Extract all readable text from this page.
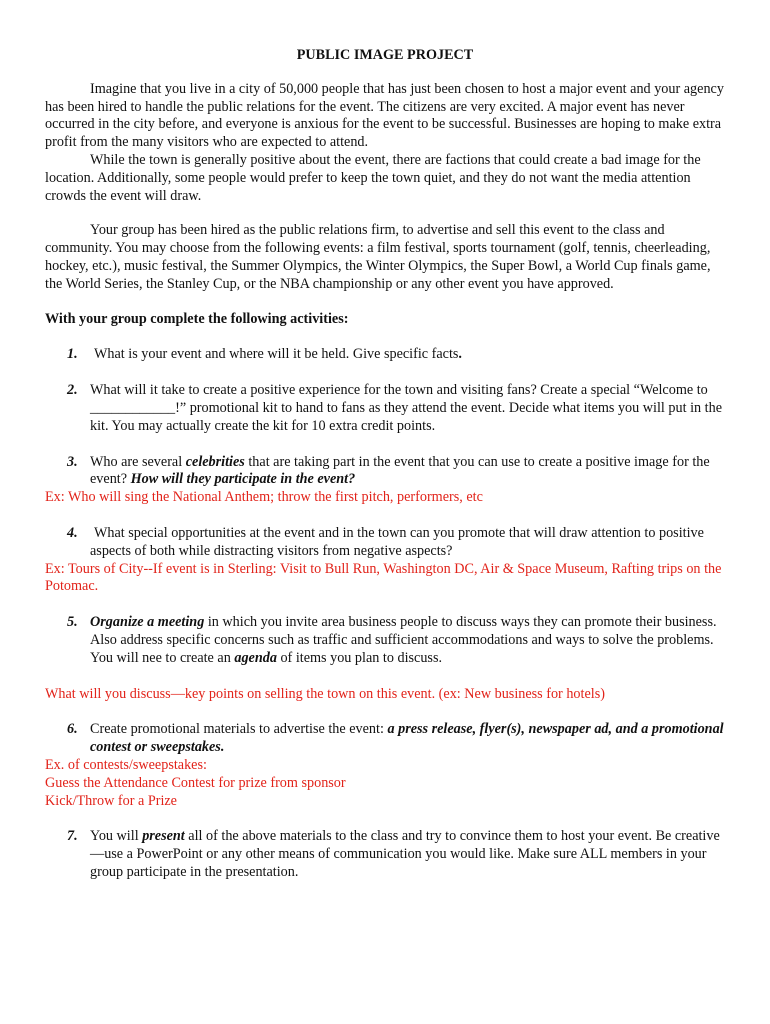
PUBLIC IMAGE PROJECT

Imagine that you live in a city of 50,000 people that has just been chosen to host a major event and your agency has been hired to handle the public relations for the event. The citizens are very excited. A major event has never occurred in the city before, and everyone is anxious for the event to be successful. Businesses are hoping to make extra profit from the many visitors who are expected to attend.

While the town is generally positive about the event, there are factions that could create a bad image for the location. Additionally, some people would prefer to keep the town quiet, and they do not want the media attention crowds the event will draw.

Your group has been hired as the public relations firm, to advertise and sell this event to the class and community. You may choose from the following events: a film festival, sports tournament (golf, tennis, cheerleading, hockey, etc.), music festival, the Summer Olympics, the Winter Olympics, the Super Bowl, a World Cup finals game, the World Series, the Stanley Cup, or the NBA championship or any other event you have approved.

With your group complete the following activities:

1. What is your event and where will it be held. Give specific facts.
2. What will it take to create a positive experience for the town and visiting fans? Create a special “Welcome to ____________!” promotional kit to hand to fans as they attend the event. Decide what items you will put in the kit. You may actually create the kit for 10 extra credit points.
3. Who are several celebrities that are taking part in the event that you can use to create a positive image for the event? How will they participate in the event?

Ex: Who will sing the National Anthem; throw the first pitch, performers, etc

4. What special opportunities at the event and in the town can you promote that will draw attention to positive aspects of both while distracting visitors from negative aspects?

Ex: Tours of City--If event is in Sterling: Visit to Bull Run, Washington DC, Air & Space Museum, Rafting trips on the Potomac.

5. Organize a meeting in which you invite area business people to discuss ways they can promote their business. Also address specific concerns such as traffic and sufficient accommodations and ways to solve the problems. You will nee to create an agenda of items you plan to discuss.

What will you discuss—key points on selling the town on this event. (ex: New business for hotels)

6. Create promotional materials to advertise the event: a press release, flyer(s), newspaper ad, and a promotional contest or sweepstakes.

Ex. of contests/sweepstakes:

Guess the Attendance Contest for prize from sponsor

Kick/Throw for a Prize

7. You will present all of the above materials to the class and try to convince them to host your event. Be creative—use a PowerPoint or any other means of communication you would like. Make sure ALL members in your group participate in the presentation.
